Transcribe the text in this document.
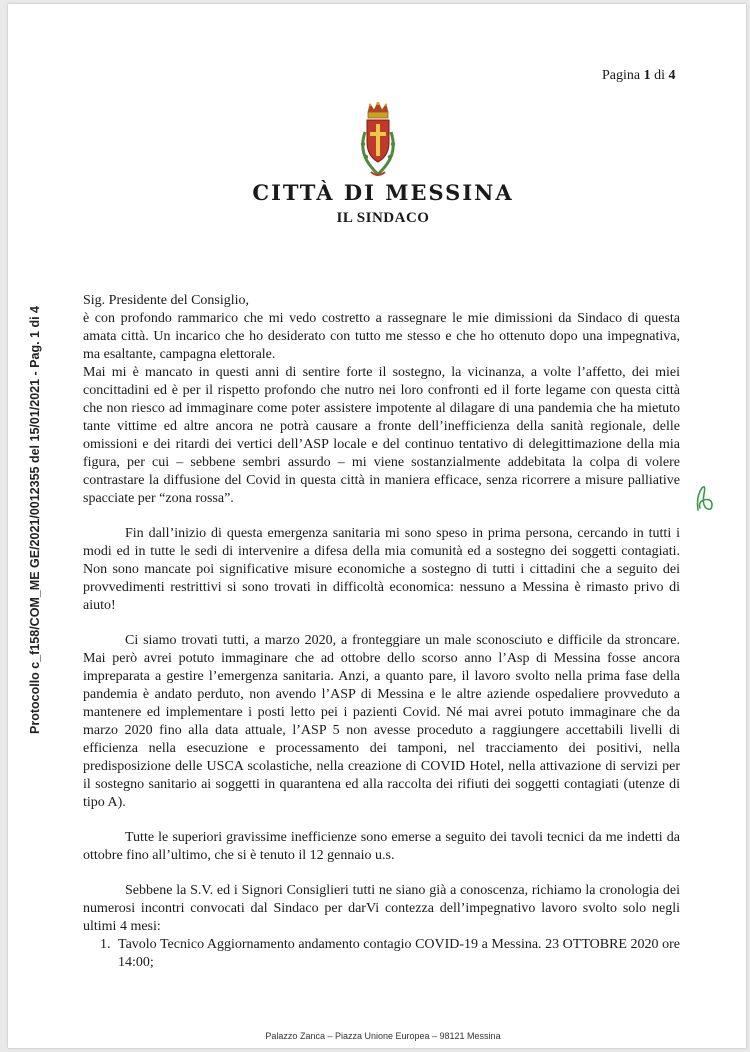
Pagina 1 di 4
CITTÀ DI MESSINA
IL SINDACO

Sig. Presidente del Consiglio,

è con profondo rammarico che mi vedo costretto a rassegnare le mie dimissioni da Sindaco di questa amata città. Un incarico che ho desiderato con tutto me stesso e che ho ottenuto dopo una impegnativa, ma esaltante, campagna elettorale.

Mai mi è mancato in questi anni di sentire forte il sostegno, la vicinanza, a volte l’affetto, dei miei concittadini ed è per il rispetto profondo che nutro nei loro confronti ed il forte legame con questa città che non riesco ad immaginare come poter assistere impotente al dilagare di una pandemia che ha mietuto tante vittime ed altre ancora ne potrà causare a fronte dell’inefficienza della sanità regionale, delle omissioni e dei ritardi dei vertici dell’ASP locale e del continuo tentativo di delegittimazione della mia figura, per cui – sebbene sembri assurdo – mi viene sostanzialmente addebitata la colpa di volere contrastare la diffusione del Covid in questa città in maniera efficace, senza ricorrere a misure palliative spacciate per “zona rossa”.

Fin dall’inizio di questa emergenza sanitaria mi sono speso in prima persona, cercando in tutti i modi ed in tutte le sedi di intervenire a difesa della mia comunità ed a sostegno dei soggetti contagiati. Non sono mancate poi significative misure economiche a sostegno di tutti i cittadini che a seguito dei provvedimenti restrittivi si sono trovati in difficoltà economica: nessuno a Messina è rimasto privo di aiuto!

Ci siamo trovati tutti, a marzo 2020, a fronteggiare un male sconosciuto e difficile da stroncare. Mai però avrei potuto immaginare che ad ottobre dello scorso anno l’Asp di Messina fosse ancora impreparata a gestire l’emergenza sanitaria. Anzi, a quanto pare, il lavoro svolto nella prima fase della pandemia è andato perduto, non avendo l’ASP di Messina e le altre aziende ospedaliere provveduto a mantenere ed implementare i posti letto pei i pazienti Covid. Né mai avrei potuto immaginare che da marzo 2020 fino alla data attuale, l’ASP 5 non avesse proceduto a raggiungere accettabili livelli di efficienza nella esecuzione e processamento dei tamponi, nel tracciamento dei positivi, nella predisposizione delle USCA scolastiche, nella creazione di COVID Hotel, nella attivazione di servizi per il sostegno sanitario ai soggetti in quarantena ed alla raccolta dei rifiuti dei soggetti contagiati (utenze di tipo A).

Tutte le superiori gravissime inefficienze sono emerse a seguito dei tavoli tecnici da me indetti da ottobre fino all’ultimo, che si è tenuto il 12 gennaio u.s.

Sebbene la S.V. ed i Signori Consiglieri tutti ne siano già a conoscenza, richiamo la cronologia dei numerosi incontri convocati dal Sindaco per darVi contezza dell’impegnativo lavoro svolto solo negli ultimi 4 mesi:

1. Tavolo Tecnico Aggiornamento andamento contagio COVID-19 a Messina. 23 OTTOBRE 2020 ore 14:00;
Palazzo Zanca – Piazza Unione Europea – 98121 Messina
Protocollo c_f158/COM_ME GE/2021/0012355 del 15/01/2021 - Pag. 1 di 4
